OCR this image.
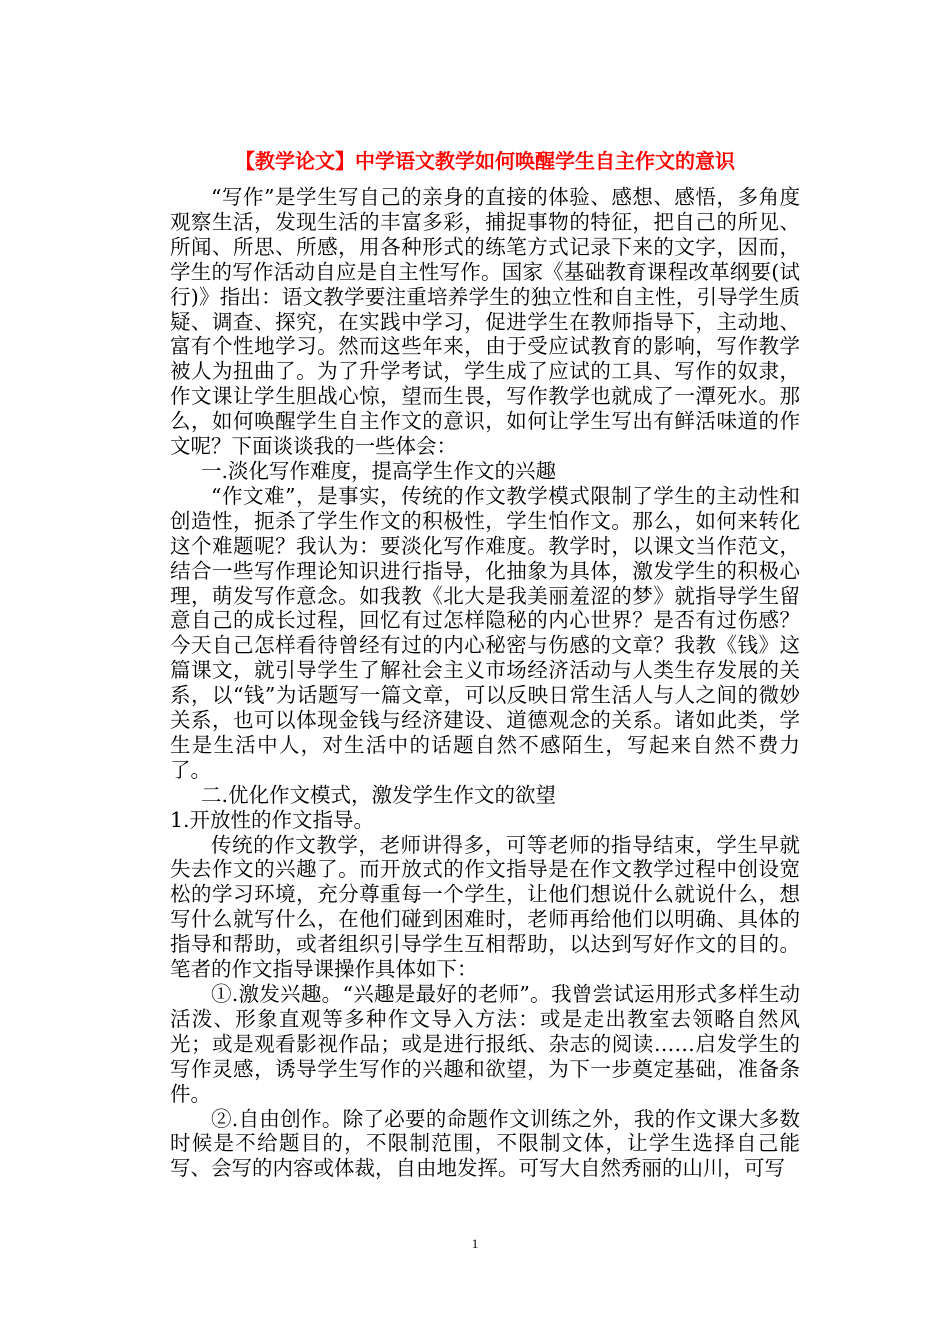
【教学论文】中学语文教学如何唤醒学生自主作文的意识

“写作”是学生写自己的亲身的直接的体验、感想、感悟，多角度观察生活，发现生活的丰富多彩，捕捉事物的特征，把自己的所见、所闻、所思、所感，用各种形式的练笔方式记录下来的文字，因而，学生的写作活动自应是自主性写作。国家《基础教育课程改革纲要(试行)》指出：语文教学要注重培养学生的独立性和自主性，引导学生质疑、调查、探究，在实践中学习，促进学生在教师指导下，主动地、富有个性地学习。然而这些年来，由于受应试教育的影响，写作教学被人为扭曲了。为了升学考试，学生成了应试的工具、写作的奴隶，作文课让学生胆战心惊，望而生畏，写作教学也就成了一潭死水。那么，如何唤醒学生自主作文的意识，如何让学生写出有鲜活味道的作文呢？下面谈谈我的一些体会：

一.淡化写作难度，提高学生作文的兴趣

“作文难”，是事实，传统的作文教学模式限制了学生的主动性和创造性，扼杀了学生作文的积极性，学生怕作文。那么，如何来转化这个难题呢？我认为：要淡化写作难度。教学时，以课文当作范文，结合一些写作理论知识进行指导，化抽象为具体，激发学生的积极心理，萌发写作意念。如我教《北大是我美丽羞涩的梦》就指导学生留意自己的成长过程，回忆有过怎样隐秘的内心世界？是否有过伤感？今天自己怎样看待曾经有过的内心秘密与伤感的文章？我教《钱》这篇课文，就引导学生了解社会主义市场经济活动与人类生存发展的关系，以“钱”为话题写一篇文章，可以反映日常生活人与人之间的微妙关系，也可以体现金钱与经济建设、道德观念的关系。诸如此类，学生是生活中人，对生活中的话题自然不感陌生，写起来自然不费力了。

二.优化作文模式，激发学生作文的欲望

1.开放性的作文指导。

传统的作文教学，老师讲得多，可等老师的指导结束，学生早就失去作文的兴趣了。而开放式的作文指导是在作文教学过程中创设宽松的学习环境，充分尊重每一个学生，让他们想说什么就说什么，想写什么就写什么，在他们碰到困难时，老师再给他们以明确、具体的指导和帮助，或者组织引导学生互相帮助，以达到写好作文的目的。笔者的作文指导课操作具体如下：

①.激发兴趣。“兴趣是最好的老师”。我曾尝试运用形式多样生动活泼、形象直观等多种作文导入方法：或是走出教室去领略自然风光；或是观看影视作品；或是进行报纸、杂志的阅读……启发学生的写作灵感，诱导学生写作的兴趣和欲望，为下一步奠定基础，准备条件。

②.自由创作。除了必要的命题作文训练之外，我的作文课大多数时候是不给题目的，不限制范围，不限制文体，让学生选择自己能写、会写的内容或体裁，自由地发挥。可写大自然秀丽的山川，可写

1
